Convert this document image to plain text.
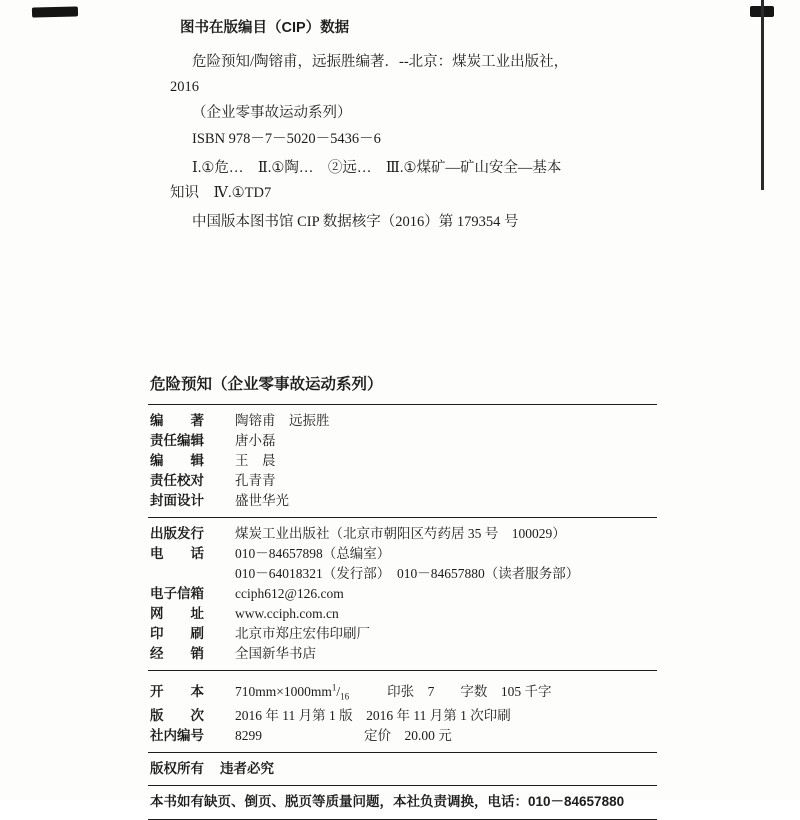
图书在版编目（CIP）数据
危险预知/陶镕甫，远振胜编著．--北京：煤炭工业出版社，
2016
（企业零事故运动系列）
ISBN 978－7－5020－5436－6
Ⅰ.①危…　Ⅱ.①陶…　②远…　Ⅲ.①煤矿—矿山安全—基本
知识　Ⅳ.①TD7
中国版本图书馆 CIP 数据核字（2016）第 179354 号
危险预知（企业零事故运动系列）
编　　著 陶镕甫　远振胜
责任编辑 唐小磊
编　　辑 王　晨
责任校对 孔青青
封面设计 盛世华光
出版发行 煤炭工业出版社（北京市朝阳区芍药居 35 号　100029）
电　　话 010－84657898（总编室）
010－64018321（发行部）　010－84657880（读者服务部）
电子信箱 cciph612@126.com
网　　址 www.cciph.com.cn
印　　刷 北京市郑庄宏伟印刷厂
经　　销 全国新华书店
开　　本 $710mm\times 1000mm^1/_{16}$	印张　7 字数　105 千字
版　　次 2016 年 11 月第 1 版　2016 年 11 月第 1 次印刷
社内编号 8299	定价　20.00 元
版权所有 违者必究
本书如有缺页、倒页、脱页等质量问题，本社负责调换，电话：010－84657880
